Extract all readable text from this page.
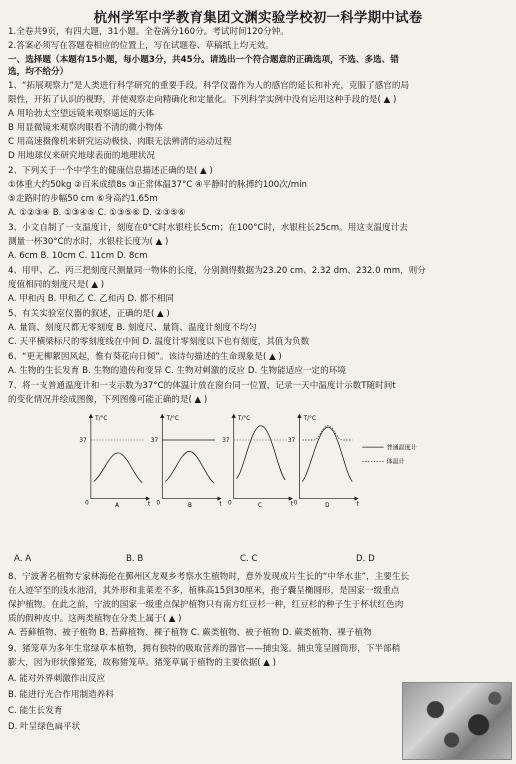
杭州学军中学教育集团文渊实验学校初一科学期中试卷
1.全卷共9页，有四大题，31小题。全卷满分160分。考试时间120分钟。
2.答案必须写在答题卷相应的位置上，写在试题卷、草稿纸上均无效。
一、选择题（本题有15小题，每小题3分，共45分。请选出一个符合题意的正确选项，不选、多选、错
选，均不给分）
1、“拓展观察力”是人类进行科学研究的重要手段。科学仪器作为人的感官的延长和补充，克服了感官的局
限性，开拓了认识的视野，并使观察走向精确化和定量化。下列科学实例中没有运用这种手段的是( ▲ )
A 用哈勃太空望远镜来观察遥远的天体
B 用显微镜来观察肉眼看不清的微小物体
C 用高速摄像机来研究运动极快、肉眼无法辨清的运动过程
D 用地球仪来研究地球表面的地理状况
2、下列关于一个中学生的健康信息描述正确的是( ▲ )
①体重大约50kg ②百米成绩8s ③正常体温37°C ④平静时的脉搏约100次/min
⑤走路时的步幅50 cm ⑥身高约1.65m
A. ①②③④ B. ①③④⑤ C. ①③⑤⑥ D. ②③⑤⑥
3、小文自制了一支温度计，刻度在0°C时水银柱长5cm；在100°C时，水银柱长25cm。用这支温度计去
测量一杯30°C的水时，水银柱长度为( ▲ )
A. 6cm B. 10cm C. 11cm D. 8cm
4、用甲、乙、丙三把刻度尺测量同一物体的长度，分别测得数据为23.20 cm、2.32 dm、232.0 mm，则分
度值相同的刻度尺是( ▲ )
A. 甲和丙 B. 甲和乙 C. 乙和丙 D. 都不相同
5、有关实验室仪器的叙述，正确的是( ▲ )
A. 量筒、刻度尺都无零刻度 B. 刻度尺、量筒、温度计刻度不均匀
C. 天平横梁标尺的零刻度线在中间 D. 温度计零刻度以下也有刻度，其值为负数
6、“更无柳絮因风起，惟有葵花向日倾”。该诗句描述的生命现象是( ▲ )
A. 生物的生长发育 B. 生物的遗传和变异 C. 生物对刺激的反应 D. 生物能适应一定的环境
7、将一支普通温度计和一支示数为37°C的体温计放在窗台同一位置，记录一天中温度计示数T随时间t
的变化情况并绘成图像，下列图像可能正确的是( ▲ )
T/°C
37
0	t
A
T/°C
37
0	t
B
T/°C
37
0	t
C
T/°C
37
0	t
D
普通温度计
体温计
A. A	B. B	C. C	D. D
8、宁波著名植物专家林海伦在鄞州区龙观乡考察水生植物时，意外发现成片生长的“中华水韭”，主要生长
在人迹罕至的浅水池沼，其外形和韭菜差不多，植株高15到30厘米，孢子囊呈椭圆形，是国家一级重点
保护植物。在此之前，宁波的国家一级重点保护植物只有南方红豆杉一种，红豆杉的种子生于杯状红色肉
质的假种皮中。这两类植物在分类上属于( ▲ )
A. 苔藓植物、被子植物 B. 苔藓植物、裸子植物 C. 蕨类植物、被子植物 D. 蕨类植物、裸子植物
9、猪笼草为多年生常绿草本植物，拥有独特的吸取营养的器官——捕虫笼。捕虫笼呈圆筒形，下半部稍
膨大，因为形状像猪笼，故称猪笼草。猪笼草属于植物的主要依据( ▲ )
A. 能对外界刺激作出反应
B. 能进行光合作用制造养料
C. 能生长发育
D. 叶呈绿色扁平状
